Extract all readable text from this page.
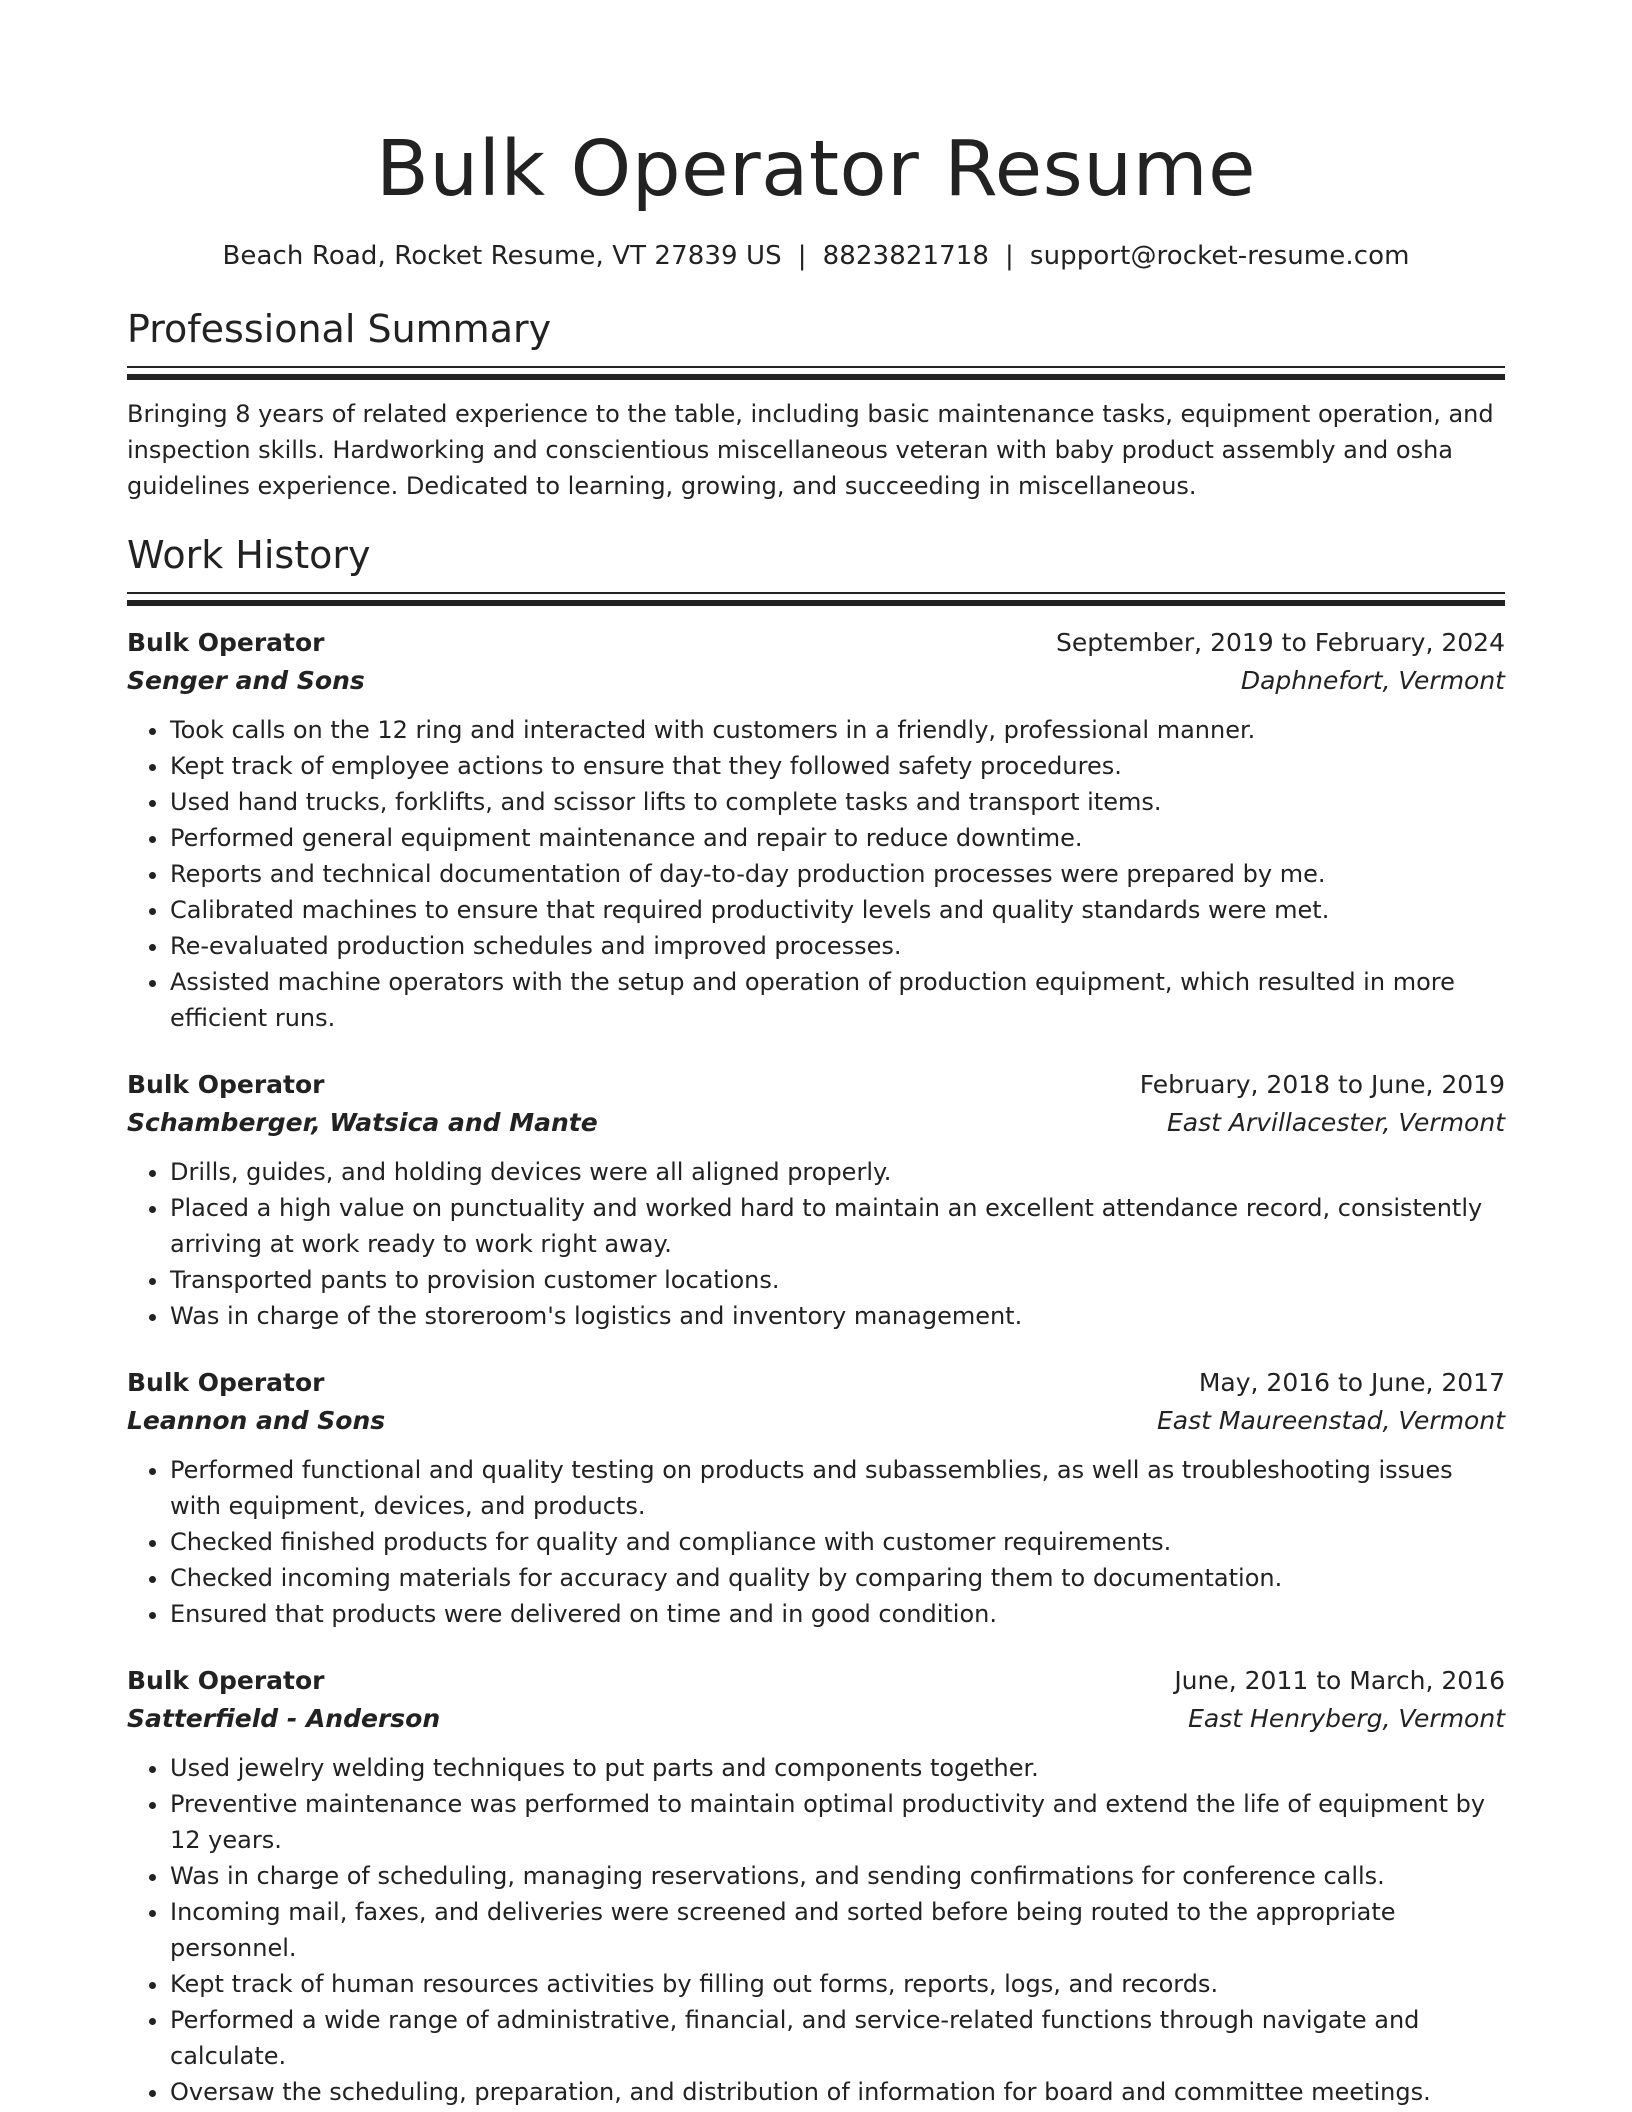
Bulk Operator Resume
Beach Road, Rocket Resume, VT 27839 US | 8823821718 | support@rocket-resume.com
Professional Summary
Bringing 8 years of related experience to the table, including basic maintenance tasks, equipment operation, and inspection skills. Hardworking and conscientious miscellaneous veteran with baby product assembly and osha guidelines experience. Dedicated to learning, growing, and succeeding in miscellaneous.
Work History
Bulk Operator	September, 2019 to February, 2024
Senger and Sons	Daphnefort, Vermont
• Took calls on the 12 ring and interacted with customers in a friendly, professional manner.
• Kept track of employee actions to ensure that they followed safety procedures.
• Used hand trucks, forklifts, and scissor lifts to complete tasks and transport items.
• Performed general equipment maintenance and repair to reduce downtime.
• Reports and technical documentation of day-to-day production processes were prepared by me.
• Calibrated machines to ensure that required productivity levels and quality standards were met.
• Re-evaluated production schedules and improved processes.
• Assisted machine operators with the setup and operation of production equipment, which resulted in more efficient runs.
Bulk Operator	February, 2018 to June, 2019
Schamberger, Watsica and Mante	East Arvillacester, Vermont
• Drills, guides, and holding devices were all aligned properly.
• Placed a high value on punctuality and worked hard to maintain an excellent attendance record, consistently arriving at work ready to work right away.
• Transported pants to provision customer locations.
• Was in charge of the storeroom's logistics and inventory management.
Bulk Operator	May, 2016 to June, 2017
Leannon and Sons	East Maureenstad, Vermont
• Performed functional and quality testing on products and subassemblies, as well as troubleshooting issues with equipment, devices, and products.
• Checked finished products for quality and compliance with customer requirements.
• Checked incoming materials for accuracy and quality by comparing them to documentation.
• Ensured that products were delivered on time and in good condition.
Bulk Operator	June, 2011 to March, 2016
Satterfield - Anderson	East Henryberg, Vermont
• Used jewelry welding techniques to put parts and components together.
• Preventive maintenance was performed to maintain optimal productivity and extend the life of equipment by 12 years.
• Was in charge of scheduling, managing reservations, and sending confirmations for conference calls.
• Incoming mail, faxes, and deliveries were screened and sorted before being routed to the appropriate personnel.
• Kept track of human resources activities by filling out forms, reports, logs, and records.
• Performed a wide range of administrative, financial, and service-related functions through navigate and calculate.
• Oversaw the scheduling, preparation, and distribution of information for board and committee meetings.
